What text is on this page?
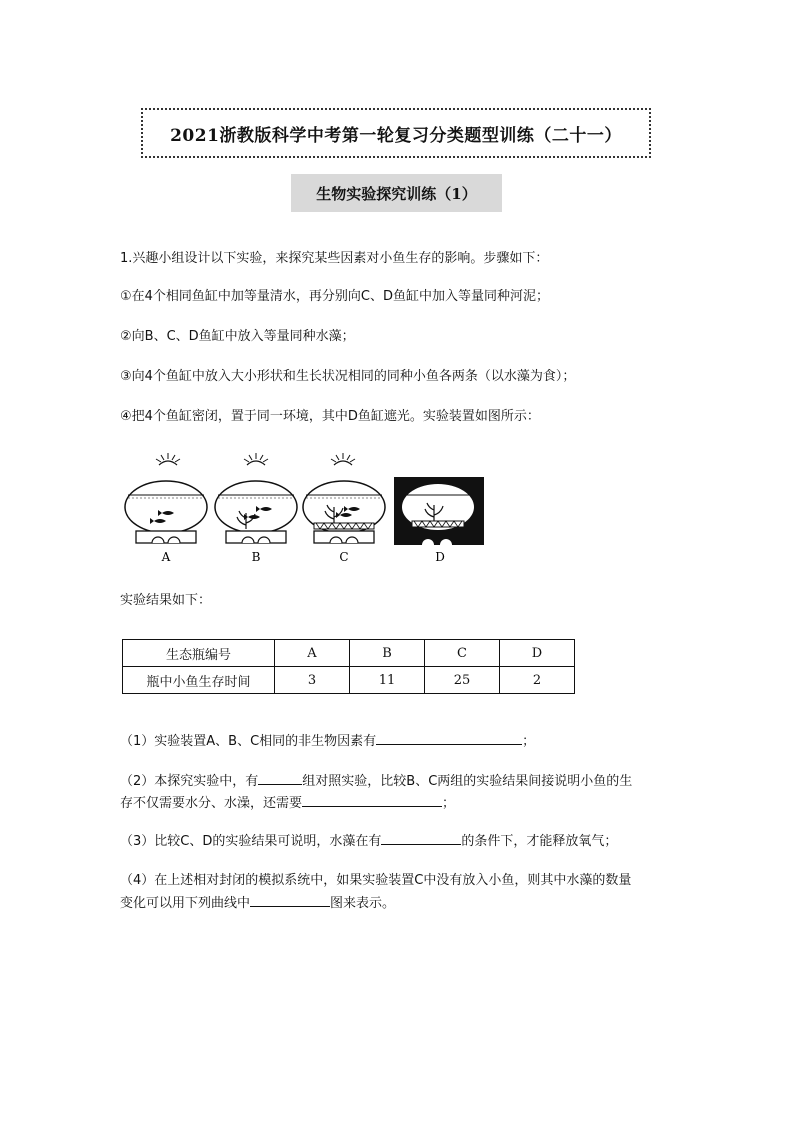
2021浙教版科学中考第一轮复习分类题型训练（二十一）
生物实验探究训练（1）
1.兴趣小组设计以下实验，来探究某些因素对小鱼生存的影响。步骤如下：
①在4个相同鱼缸中加等量清水，再分别向C、D鱼缸中加入等量同种河泥；
②向B、C、D鱼缸中放入等量同种水藻；
③向4个鱼缸中放入大小形状和生长状况相同的同种小鱼各两条（以水藻为食）；
④把4个鱼缸密闭，置于同一环境，其中D鱼缸遮光。实验装置如图所示：
A	B	C	D
实验结果如下：
生态瓶编号	A	B	C	D
瓶中小鱼生存时间	3	11	25	2
（1）实验装置A、B、C相同的非生物因素有	；
（2）本探究实验中，有	组对照实验，比较B、C两组的实验结果间接说明小鱼的生
存不仅需要水分、水澡，还需要	；
（3）比较C、D的实验结果可说明，水藻在有	的条件下，才能释放氧气；
（4）在上述相对封闭的模拟系统中，如果实验装置C中没有放入小鱼，则其中水藻的数量
变化可以用下列曲线中	图来表示。
